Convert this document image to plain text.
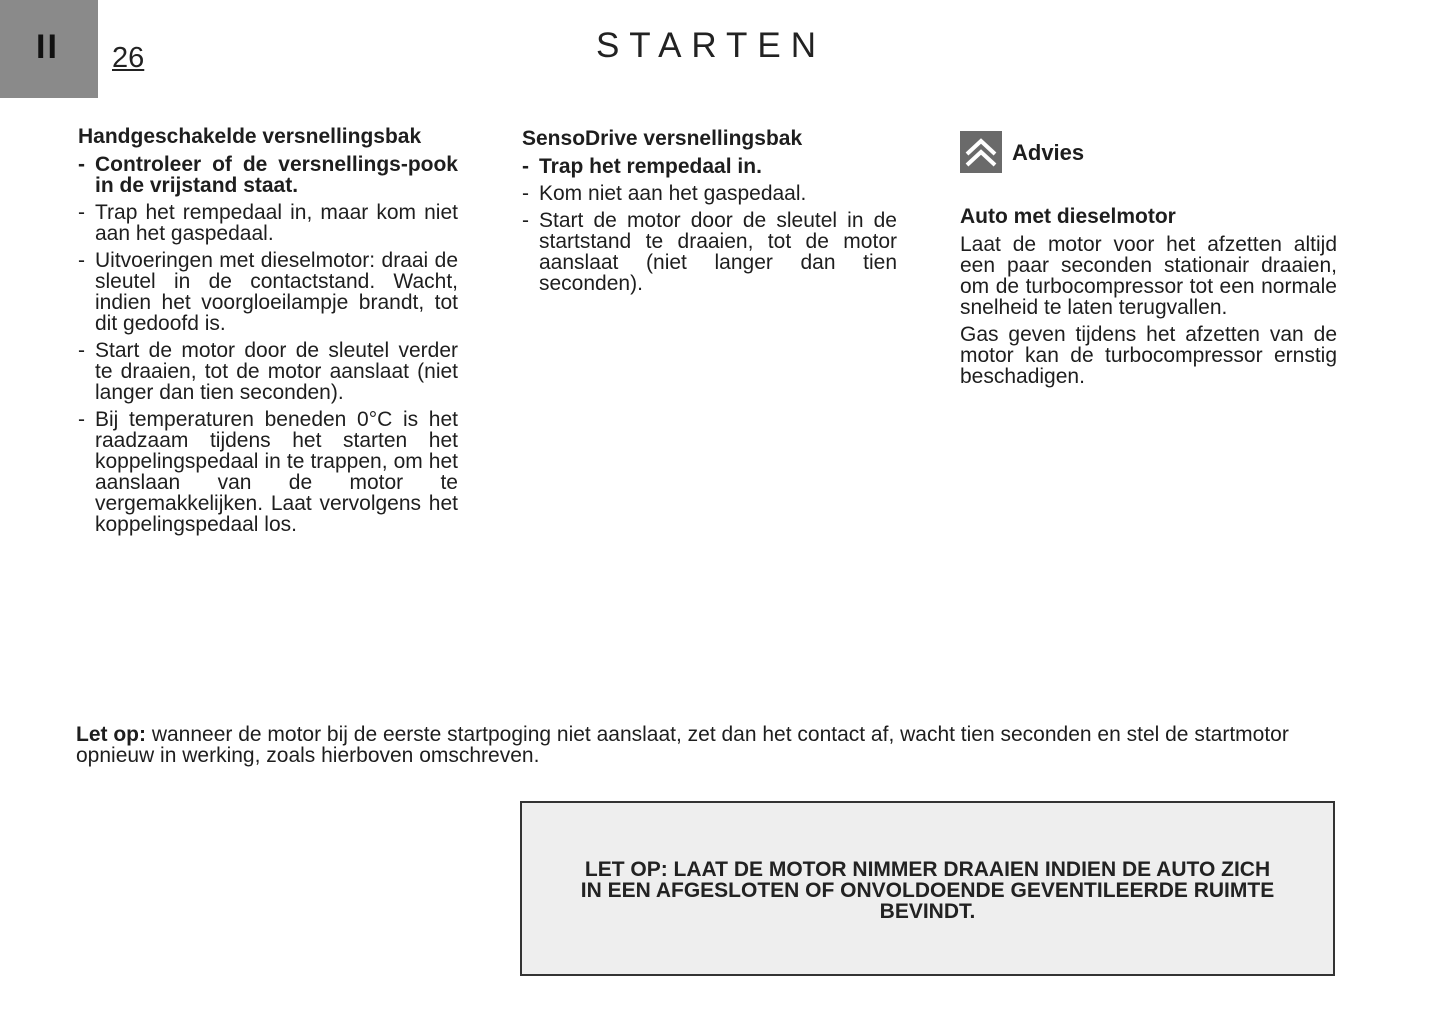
II	26	STARTEN
Handgeschakelde versnellingsbak
- Controleer of de versnellings-pook in de vrijstand staat.
- Trap het rempedaal in, maar kom niet aan het gaspedaal.
- Uitvoeringen met dieselmotor: draai de sleutel in de contactstand. Wacht, indien het voorgloeilampje brandt, tot dit gedoofd is.
- Start de motor door de sleutel verder te draaien, tot de motor aanslaat (niet langer dan tien seconden).
- Bij temperaturen beneden 0°C is het raadzaam tijdens het starten het koppelingspedaal in te trappen, om het aanslaan van de motor te vergemakkelijken. Laat vervolgens het koppelingspedaal los.
SensoDrive versnellingsbak
- Trap het rempedaal in.
- Kom niet aan het gaspedaal.
- Start de motor door de sleutel in de startstand te draaien, tot de motor aanslaat (niet langer dan tien seconden).
Advies
Auto met dieselmotor

Laat de motor voor het afzetten altijd een paar seconden stationair draaien, om de turbocompressor tot een normale snelheid te laten terugvallen.

Gas geven tijdens het afzetten van de motor kan de turbocompressor ernstig beschadigen.

Let op: wanneer de motor bij de eerste startpoging niet aanslaat, zet dan het contact af, wacht tien seconden en stel de startmotor opnieuw in werking, zoals hierboven omschreven.
LET OP: LAAT DE MOTOR NIMMER DRAAIEN INDIEN DE AUTO ZICH IN EEN AFGESLOTEN OF ONVOLDOENDE GEVENTILEERDE RUIMTE BEVINDT.
